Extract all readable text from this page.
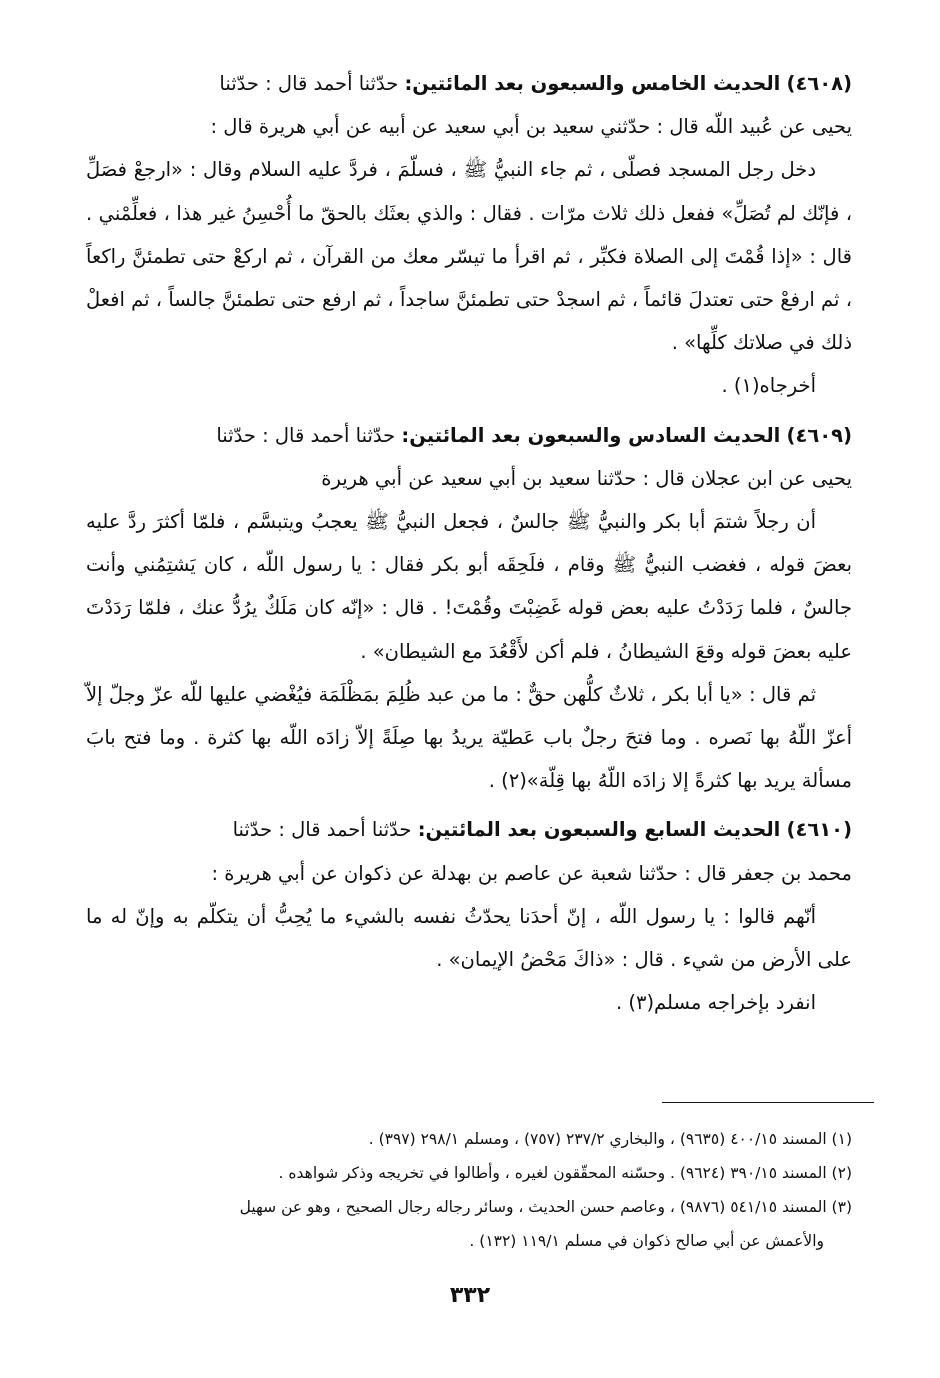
(٤٦٠٨) الحديث الخامس والسبعون بعد المائتين: حدّثنا أحمد قال : حدّثنا

يحيى عن عُبيد اللّه قال : حدّثني سعيد بن أبي سعيد عن أبيه عن أبي هريرة قال :

دخل رجل المسجد فصلّى ، ثم جاء النبيُّ ﷺ ، فسلّمَ ، فردَّ عليه السلام وقال : «ارجعْ فصَلِّ ، فإنّك لم تُصَلِّ» ففعل ذلك ثلاث مرّات . فقال : والذي بعثَك بالحقّ ما أُحْسِنُ غير هذا ، فعلِّمْني . قال : «إذا قُمْتَ إلى الصلاة فكبِّر ، ثم اقرأ ما تيسّر معك من القرآن ، ثم اركعْ حتى تطمئنَّ راكعاً ، ثم ارفعْ حتى تعتدلَ قائماً ، ثم اسجدْ حتى تطمئنَّ ساجداً ، ثم ارفع حتى تطمئنَّ جالساً ، ثم افعلْ ذلك في صلاتك كلِّها» .

أخرجاه(١) .

(٤٦٠٩) الحديث السادس والسبعون بعد المائتين: حدّثنا أحمد قال : حدّثنا

يحيى عن ابن عجلان قال : حدّثنا سعيد بن أبي سعيد عن أبي هريرة

أن رجلاً شتمَ أبا بكر والنبيُّ ﷺ جالسٌ ، فجعل النبيُّ ﷺ يعجبُ ويتبسَّم ، فلمّا أكثرَ ردَّ عليه بعضَ قوله ، فغضب النبيُّ ﷺ وقام ، فلَحِقَه أبو بكر فقال : يا رسول اللّه ، كان يَشتِمُني وأنت جالسٌ ، فلما رَدَدْتُ عليه بعض قوله غَضِبْتَ وقُمْتَ! . قال : «إنّه كان مَلَكٌ يرُدُّ عنك ، فلمّا رَدَدْتَ عليه بعضَ قوله وقعَ الشيطانُ ، فلم أكن لأَقْعُدَ مع الشيطان» .

ثم قال : «يا أبا بكر ، ثلاثٌ كلُّهن حقٌّ : ما من عبد ظُلِمَ بمَظْلَمَة فيُغْضي عليها للّه عزّ وجلّ إلاّ أعزّ اللّهُ بها نَصره . وما فتحَ رجلٌ باب عَطيّة يريدُ بها صِلَةً إلاّ زادَه اللّه بها كثرة . وما فتح بابَ مسألة يريد بها كثرةً إلا زادَه اللّهُ بها قِلّة»(٢) .

(٤٦١٠) الحديث السابع والسبعون بعد المائتين: حدّثنا أحمد قال : حدّثنا

محمد بن جعفر قال : حدّثنا شعبة عن عاصم بن بهدلة عن ذكوان عن أبي هريرة :

أنّهم قالوا : يا رسول اللّه ، إنّ أحدَنا يحدّثُ نفسه بالشيء ما يُحِبُّ أن يتكلّم به وإنّ له ما على الأرض من شيء . قال : «ذاكَ مَحْضُ الإيمان» .

انفرد بإخراجه مسلم(٣) .

(١) المسند ٤٠٠/١٥ (٩٦٣٥) ، والبخاري ٢٣٧/٢ (٧٥٧) ، ومسلم ٢٩٨/١ (٣٩٧) .

(٢) المسند ٣٩٠/١٥ (٩٦٢٤) . وحسّنه المحقّقون لغيره ، وأطالوا في تخريجه وذكر شواهده .

(٣) المسند ٥٤١/١٥ (٩٨٧٦) ، وعاصم حسن الحديث ، وسائر رجاله رجال الصحيح ، وهو عن سهيل

والأعمش عن أبي صالح ذكوان في مسلم ١١٩/١ (١٣٢) .

٣٣٢
